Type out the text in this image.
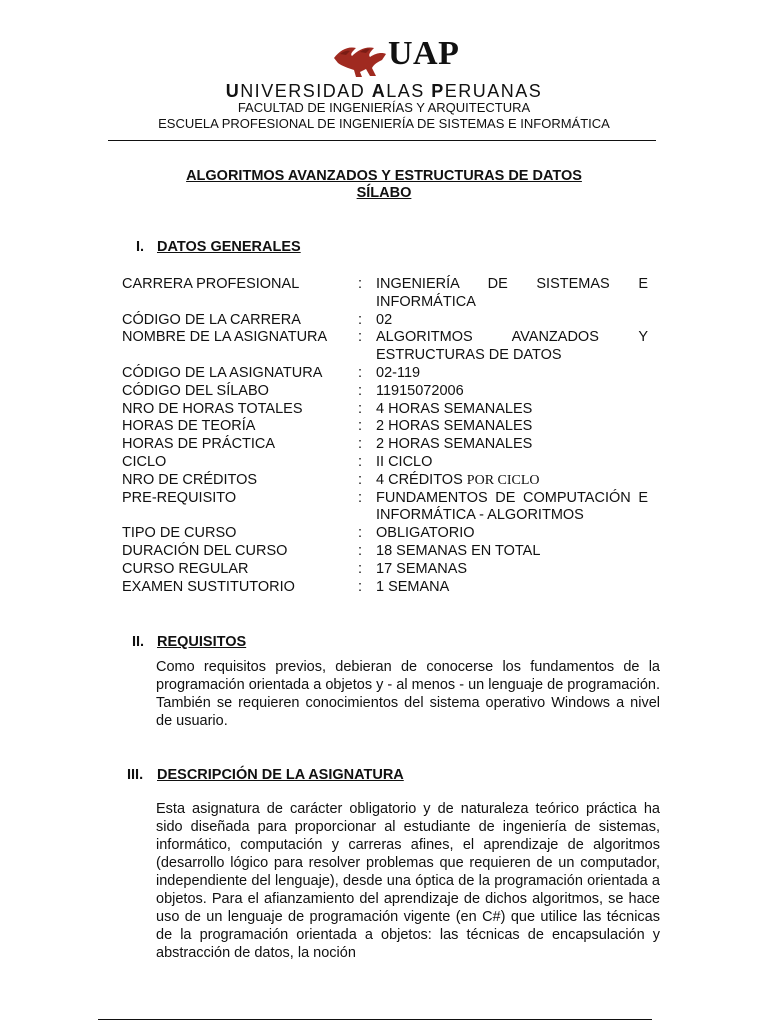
UAP
UNIVERSIDAD ALAS PERUANAS
FACULTAD DE INGENIERÍAS Y ARQUITECTURA
ESCUELA PROFESIONAL DE INGENIERÍA DE SISTEMAS E INFORMÁTICA
ALGORITMOS AVANZADOS Y ESTRUCTURAS DE DATOS
SÍLABO
I. DATOS GENERALES
CARRERA PROFESIONAL	: INGENIERÍA DE SISTEMAS E INFORMÁTICA
CÓDIGO DE LA CARRERA	: 02
NOMBRE DE LA ASIGNATURA	: ALGORITMOS AVANZADOS Y ESTRUCTURAS DE DATOS
CÓDIGO DE LA ASIGNATURA	: 02-119
CÓDIGO DEL SÍLABO	: 11915072006
NRO DE HORAS TOTALES	: 4 HORAS SEMANALES
HORAS DE TEORÍA	: 2 HORAS SEMANALES
HORAS DE PRÁCTICA	: 2 HORAS SEMANALES
CICLO	: II CICLO
NRO DE CRÉDITOS	: 4 CRÉDITOS POR CICLO
PRE-REQUISITO	: FUNDAMENTOS DE COMPUTACIÓN E INFORMÁTICA - ALGORITMOS
TIPO DE CURSO	: OBLIGATORIO
DURACIÓN DEL CURSO	: 18 SEMANAS EN TOTAL
CURSO REGULAR	: 17 SEMANAS
EXAMEN SUSTITUTORIO	: 1 SEMANA
II. REQUISITOS
Como requisitos previos, debieran de conocerse los fundamentos de la programación orientada a objetos y - al menos - un lenguaje de programación. También se requieren conocimientos del sistema operativo Windows a nivel de usuario.
III. DESCRIPCIÓN DE LA ASIGNATURA
Esta asignatura de carácter obligatorio y de naturaleza teórico práctica ha sido diseñada para proporcionar al estudiante de ingeniería de sistemas, informático, computación y carreras afines, el aprendizaje de algoritmos (desarrollo lógico para resolver problemas que requieren de un computador, independiente del lenguaje), desde una óptica de la programación orientada a objetos. Para el afianzamiento del aprendizaje de dichos algoritmos, se hace uso de un lenguaje de programación vigente (en C#) que utilice las técnicas de la programación orientada a objetos: las técnicas de encapsulación y abstracción de datos, la noción
